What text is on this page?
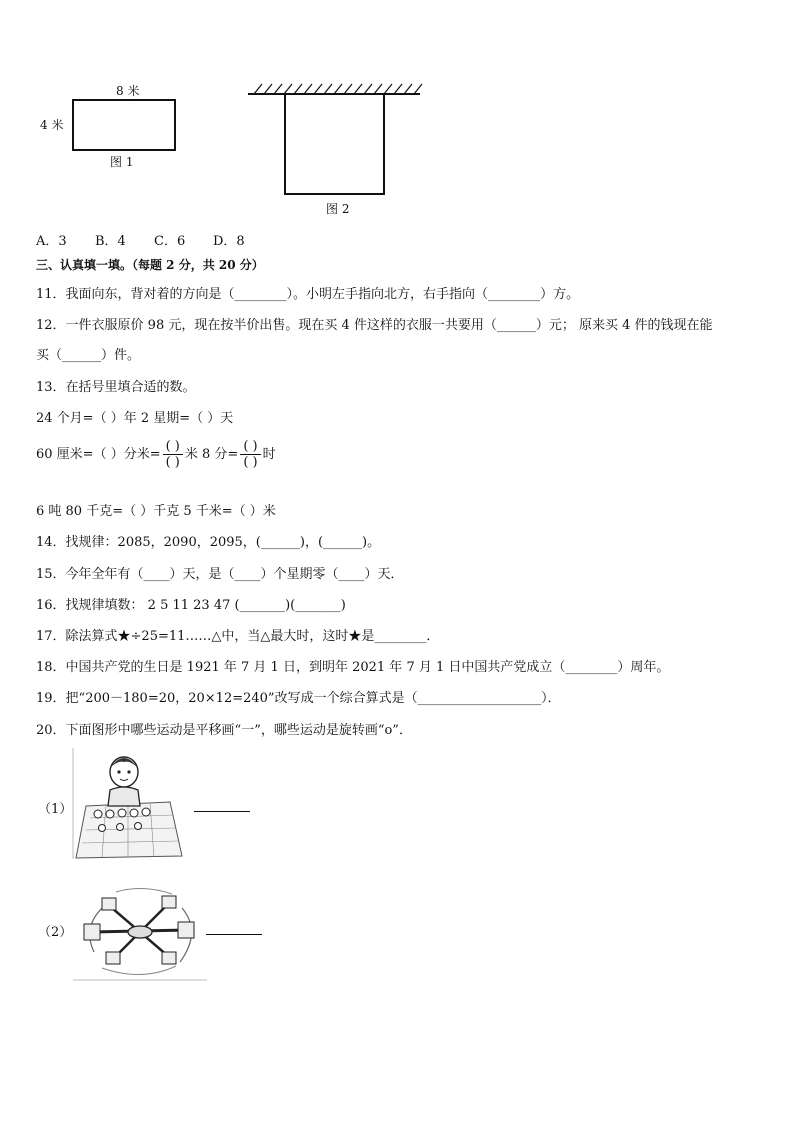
8 米
4 米
图 1
图 2
A．3 B．4 C．6 D．8
三、认真填一填。（每题 2 分，共 20 分）
11．我面向东，背对着的方向是（________）。小明左手指向北方，右手指向（________）方。
12．一件衣服原价 98 元，现在按半价出售。现在买 4 件这样的衣服一共要用（______）元； 原来买 4 件的钱现在能
买（______）件。
13．在括号里填合适的数。
24 个月=（ ）年 2 星期=（ ）天
60 厘米=（ ）分米= $\frac{( )}{( )}$ 米 8 分= $\frac{( )}{( )}$ 时
6 吨 80 千克=（ ）千克 5 千米=（ ）米
14．找规律：2085，2090，2095，(______)，(______)。
15．今年全年有（____）天，是（____）个星期零（____）天．
16．找规律填数： 2 5 11 23 47 (_______)(_______)
17．除法算式★÷25=11……△中，当△最大时，这时★是________．
18．中国共产党的生日是 1921 年 7 月 1 日，到明年 2021 年 7 月 1 日中国共产党成立（________）周年。
19．把“200－180=20，20×12=240”改写成一个综合算式是（___________________）．
20．下面图形中哪些运动是平移画“一”，哪些运动是旋转画“o”．
（1）
（2）
